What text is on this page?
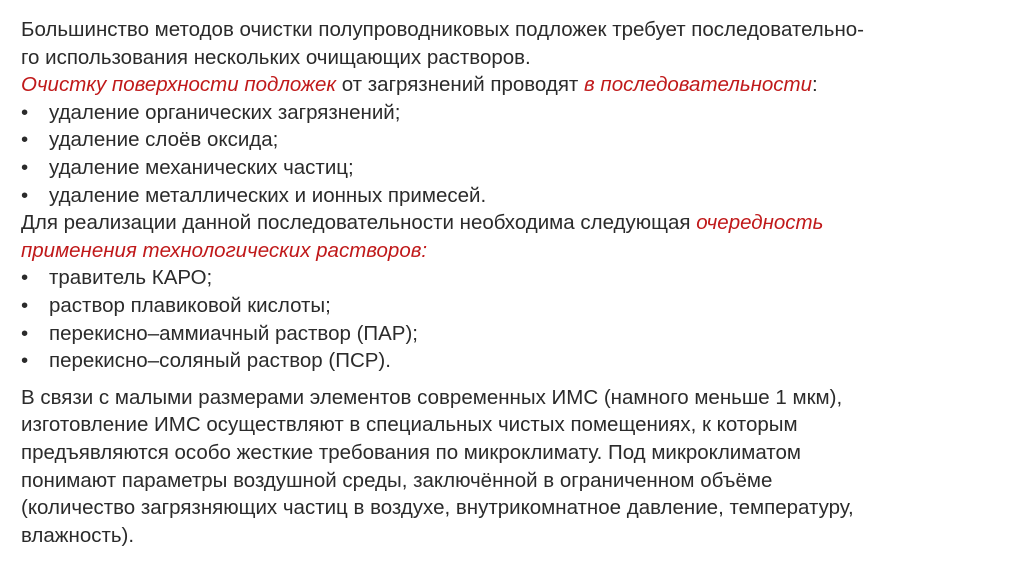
Большинство методов очистки полупроводниковых подложек требует последовательно-
го использования нескольких очищающих растворов.

Очистку поверхности подложек от загрязнений проводят в последовательности:

• удаление органических загрязнений;
• удаление слоёв оксида;
• удаление механических частиц;
• удаление металлических и ионных примесей.

Для реализации данной последовательности необходима следующая очередность
применения технологических растворов:

• травитель КАРО;
• раствор плавиковой кислоты;
• перекисно–аммиачный раствор (ПАР);
• перекисно–соляный раствор (ПСР).

В связи с малыми размерами элементов современных ИМС (намного меньше 1 мкм),
изготовление ИМС осуществляют в специальных чистых помещениях, к которым
предъявляются особо жесткие требования по микроклимату. Под микроклиматом
понимают параметры воздушной среды, заключённой в ограниченном объёме
(количество загрязняющих частиц в воздухе, внутрикомнатное давление, температуру,
влажность).
